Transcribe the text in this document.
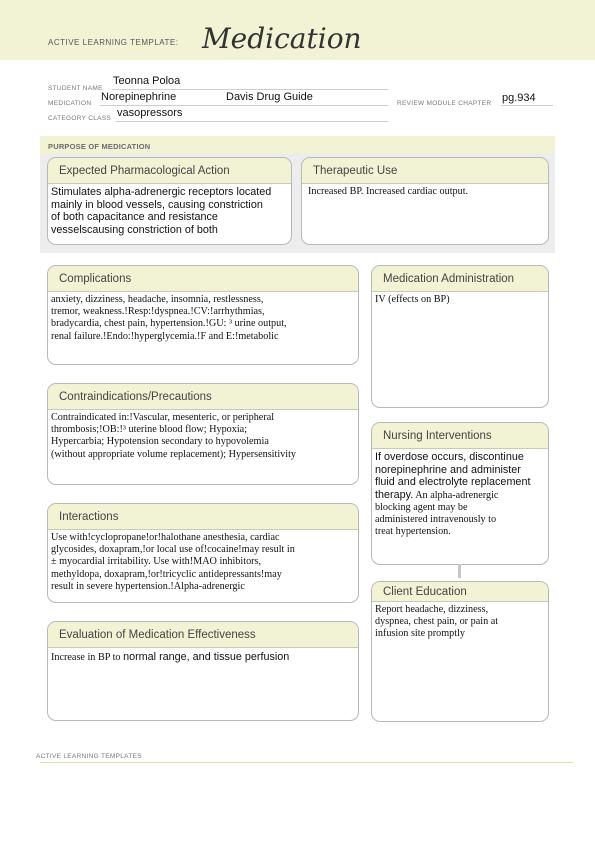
ACTIVE LEARNING TEMPLATE: Medication
STUDENT NAME
Teonna Poloa
MEDICATION
Norepinephrine	Davis Drug Guide
REVIEW MODULE CHAPTER pg.934
CATEGORY CLASS vasopressors
PURPOSE OF MEDICATION
Expected Pharmacological Action
Stimulates alpha-adrenergic receptors located
mainly in blood vessels, causing constriction
of both capacitance and resistance
vesselscausing constriction of both
Therapeutic Use
Increased BP. Increased cardiac output.
Complications
anxiety, dizziness, headache, insomnia, restlessness,
tremor, weakness.!Resp:!dyspnea.!CV:!arrhythmias,
bradycardia, chest pain, hypertension.!GU: ³ urine output,
renal failure.!Endo:!hyperglycemia.!F and E:!metabolic
Medication Administration
IV (effects on BP)
Contraindications/Precautions
Contraindicated in:!Vascular, mesenteric, or peripheral
thrombosis;!OB:!³ uterine blood flow; Hypoxia;
Hypercarbia; Hypotension secondary to hypovolemia
(without appropriate volume replacement); Hypersensitivity
Nursing Interventions
If overdose occurs, discontinue
norepinephrine and administer
fluid and electrolyte replacement
therapy. An alpha-adrenergic
blocking agent may be
administered intravenously to
treat hypertension.
Interactions
Use with!cyclopropane!or!halothane anesthesia, cardiac
glycosides, doxapram,!or local use of!cocaine!may result in
± myocardial irritability. Use with!MAO inhibitors,
methyldopa, doxapram,!or!tricyclic antidepressants!may
result in severe hypertension.!Alpha-adrenergic	Client Education
Report headache, dizziness,
dyspnea, chest pain, or pain at
infusion site promptly
Evaluation of Medication Effectiveness
Increase in BP to normal range, and tissue perfusion
ACTIVE LEARNING TEMPLATES
